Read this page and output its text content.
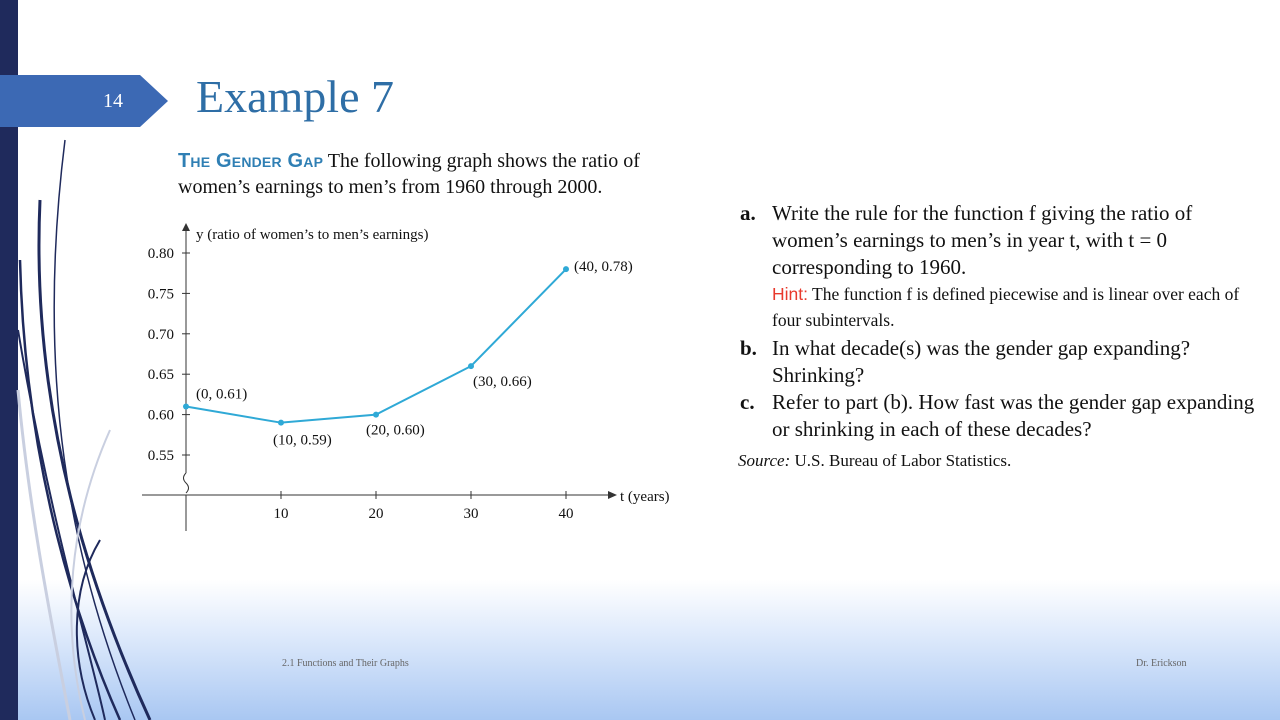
14 Example 7
The Gender Gap The following graph shows the ratio of women’s earnings to men’s from 1960 through 2000.
y (ratio of women’s to men’s earnings)
t (years)
0.55
0.60
0.65
0.70
0.75
0.80
10	20	30	40
(0, 0.61)
(10, 0.59)
(20, 0.60)
(30, 0.66)
(40, 0.78)
a. Write the rule for the function f giving the ratio of women’s earnings to men’s in year t, with t = 0 corresponding to 1960.
Hint: The function f is defined piecewise and is linear over each of four subintervals.
b. In what decade(s) was the gender gap expanding? Shrinking?
c. Refer to part (b). How fast was the gender gap expanding or shrinking in each of these decades?
Source: U.S. Bureau of Labor Statistics.
2.1 Functions and Their Graphs	Dr. Erickson
